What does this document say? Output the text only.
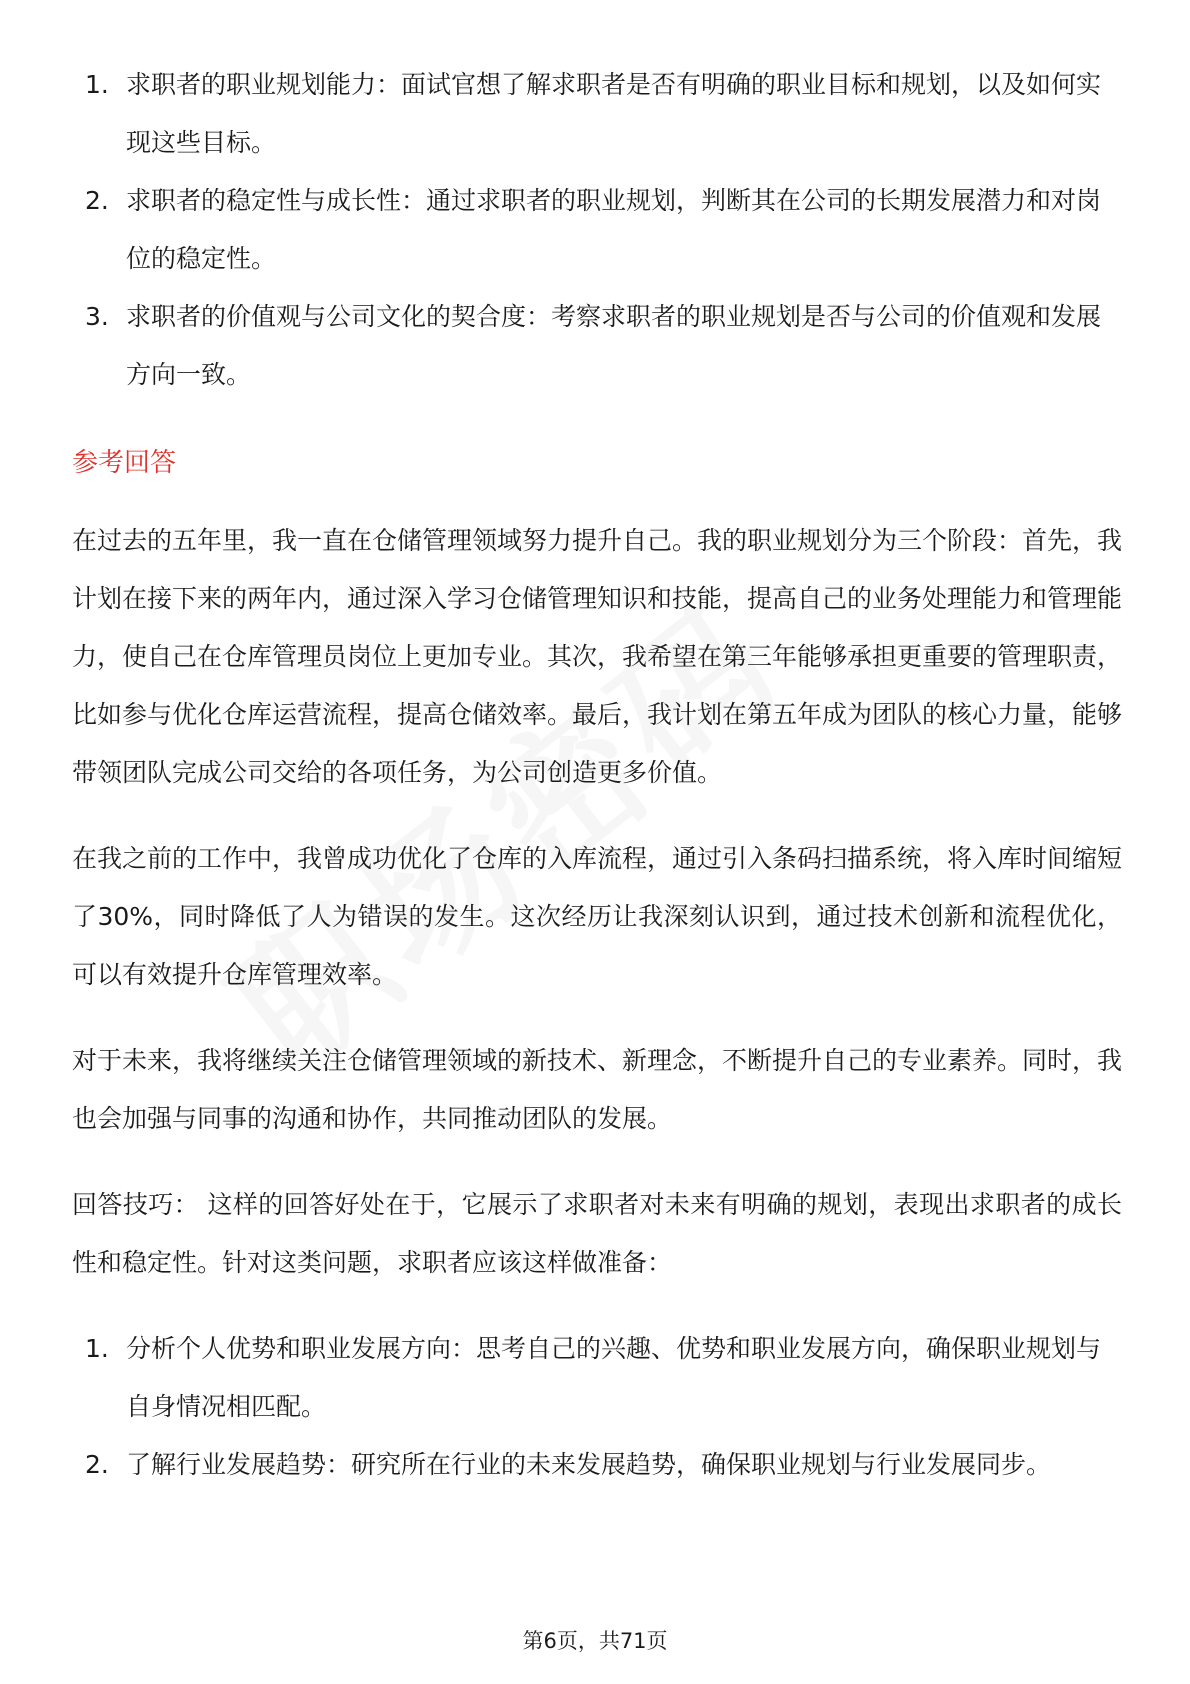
1. 求职者的职业规划能力：面试官想了解求职者是否有明确的职业目标和规划，以及如何实现这些目标。
2. 求职者的稳定性与成长性：通过求职者的职业规划，判断其在公司的长期发展潜力和对岗位的稳定性。
3. 求职者的价值观与公司文化的契合度：考察求职者的职业规划是否与公司的价值观和发展方向一致。
参考回答

在过去的五年里，我一直在仓储管理领域努力提升自己。我的职业规划分为三个阶段：首先，我计划在接下来的两年内，通过深入学习仓储管理知识和技能，提高自己的业务处理能力和管理能力，使自己在仓库管理员岗位上更加专业。其次，我希望在第三年能够承担更重要的管理职责，比如参与优化仓库运营流程，提高仓储效率。最后，我计划在第五年成为团队的核心力量，能够带领团队完成公司交给的各项任务，为公司创造更多价值。

在我之前的工作中，我曾成功优化了仓库的入库流程，通过引入条码扫描系统，将入库时间缩短了30%，同时降低了人为错误的发生。这次经历让我深刻认识到，通过技术创新和流程优化，可以有效提升仓库管理效率。

对于未来，我将继续关注仓储管理领域的新技术、新理念，不断提升自己的专业素养。同时，我也会加强与同事的沟通和协作，共同推动团队的发展。

回答技巧： 这样的回答好处在于，它展示了求职者对未来有明确的规划，表现出求职者的成长性和稳定性。针对这类问题，求职者应该这样做准备：

1. 分析个人优势和职业发展方向：思考自己的兴趣、优势和职业发展方向，确保职业规划与自身情况相匹配。
2. 了解行业发展趋势：研究所在行业的未来发展趋势，确保职业规划与行业发展同步。
第6页，共71页
